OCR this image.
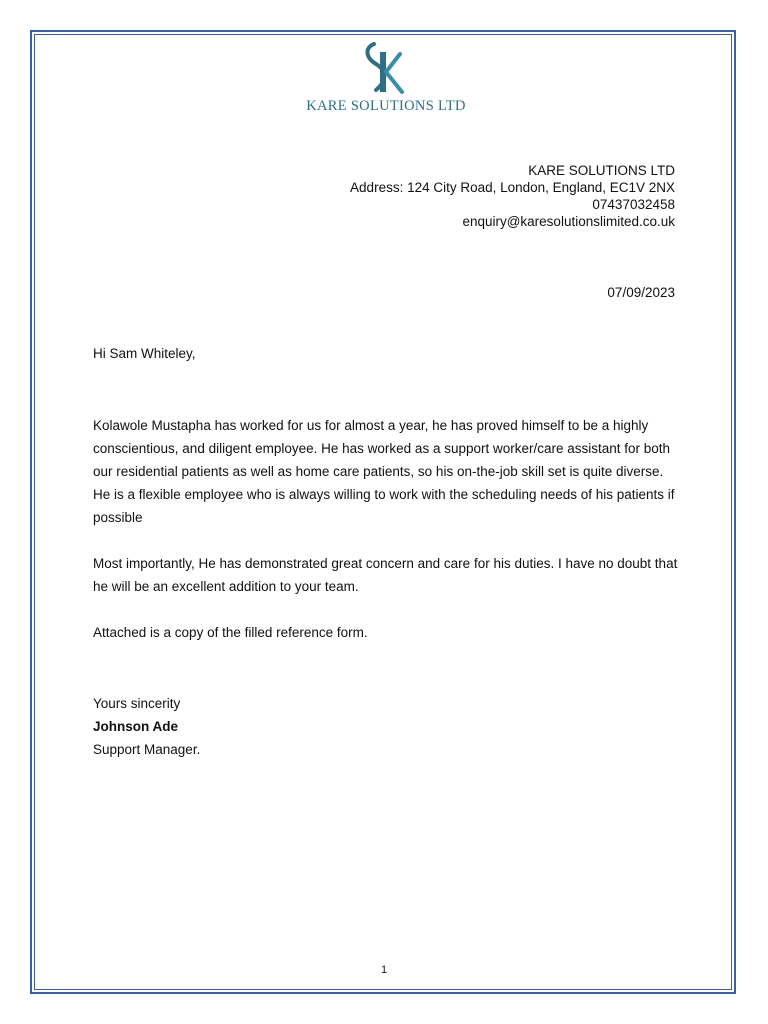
KARE SOLUTIONS LTD
KARE SOLUTIONS LTD
Address: 124 City Road, London, England, EC1V 2NX
07437032458
enquiry@karesolutionslimited.co.uk
07/09/2023
Hi Sam Whiteley,

Kolawole Mustapha has worked for us for almost a year, he has proved himself to be a highly conscientious, and diligent employee. He has worked as a support worker/care assistant for both our residential patients as well as home care patients, so his on-the-job skill set is quite diverse. He is a flexible employee who is always willing to work with the scheduling needs of his patients if possible

Most importantly, He has demonstrated great concern and care for his duties. I have no doubt that he will be an excellent addition to your team.

Attached is a copy of the filled reference form.

Yours sincerity
Johnson Ade
Support Manager.
1
